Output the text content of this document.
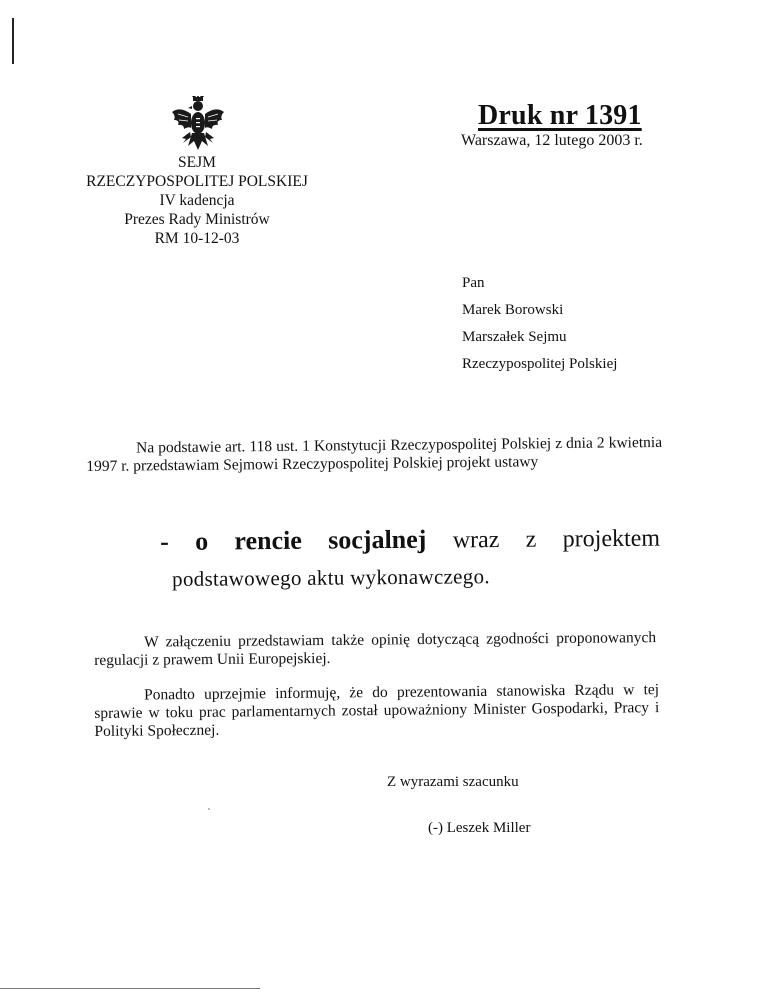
Druk nr 1391
Warszawa, 12 lutego 2003 r.
SEJM
RZECZYPOSPOLITEJ POLSKIEJ
IV kadencja
Prezes Rady Ministrów
RM 10-12-03
Pan
Marek Borowski
Marszałek Sejmu
Rzeczypospolitej Polskiej
Na podstawie art. 118 ust. 1 Konstytucji Rzeczypospolitej Polskiej z dnia 2 kwietnia 1997 r. przedstawiam Sejmowi Rzeczypospolitej Polskiej projekt ustawy
- o rencie socjalnej wraz z projektem
podstawowego aktu wykonawczego.
W załączeniu przedstawiam także opinię dotyczącą zgodności proponowanych regulacji z prawem Unii Europejskiej.
Ponadto uprzejmie informuję, że do prezentowania stanowiska Rządu w tej sprawie w toku prac parlamentarnych został upoważniony Minister Gospodarki, Pracy i Polityki Społecznej.
Z wyrazami szacunku
(-) Leszek Miller
